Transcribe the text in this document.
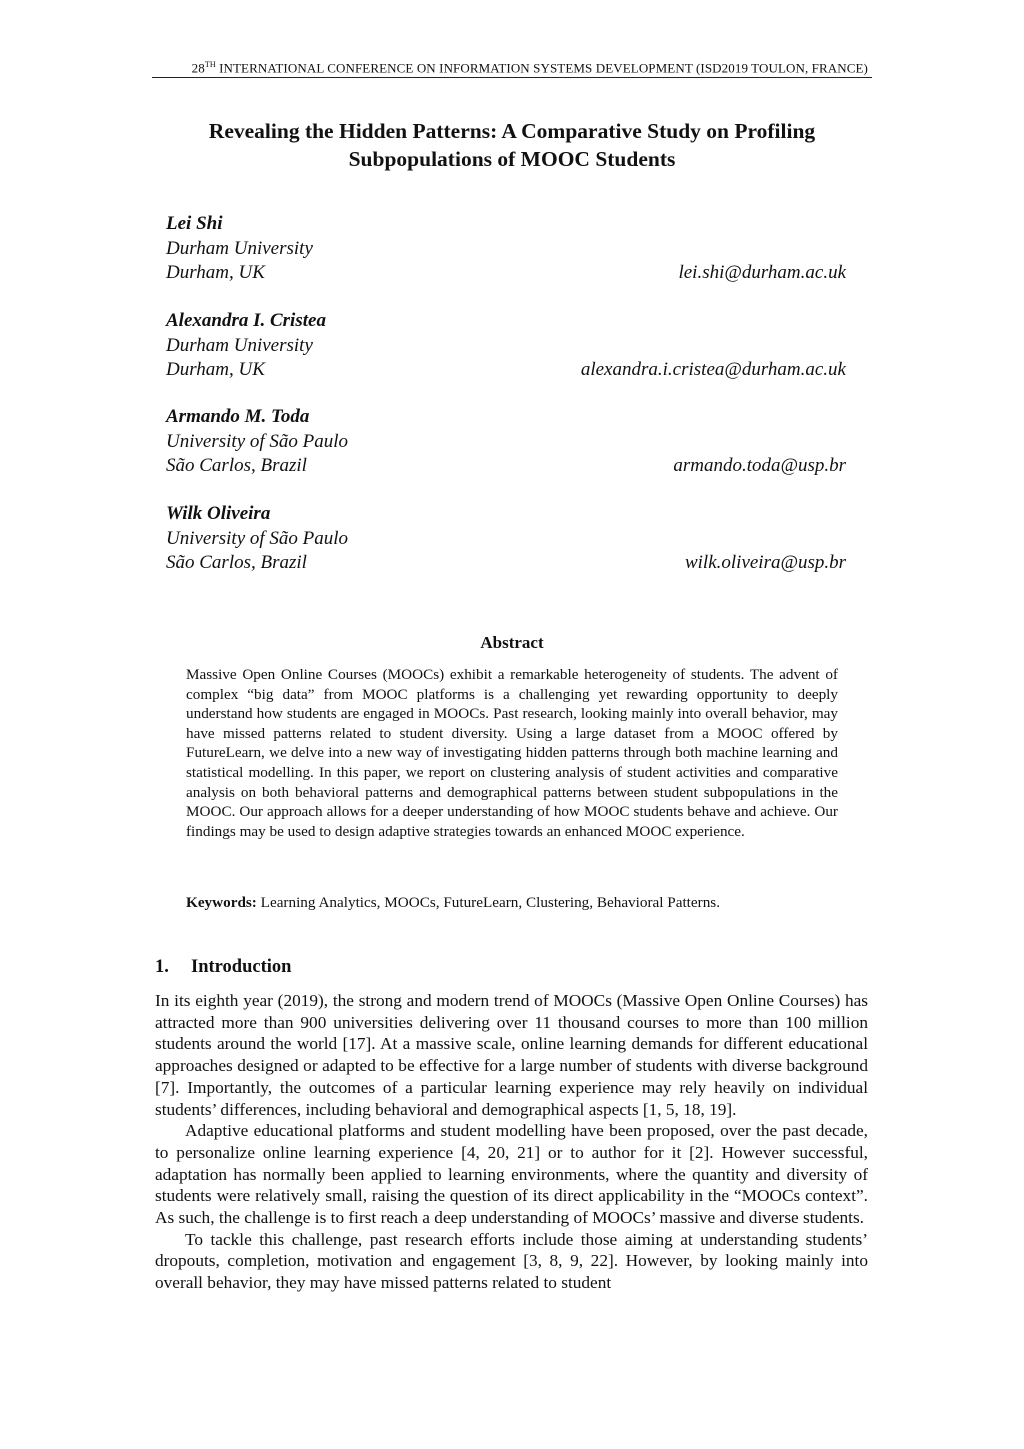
28TH INTERNATIONAL CONFERENCE ON INFORMATION SYSTEMS DEVELOPMENT (ISD2019 TOULON, FRANCE)
Revealing the Hidden Patterns: A Comparative Study on Profiling Subpopulations of MOOC Students
Lei Shi
Durham University
Durham, UK	lei.shi@durham.ac.uk
Alexandra I. Cristea
Durham University
Durham, UK	alexandra.i.cristea@durham.ac.uk
Armando M. Toda
University of São Paulo
São Carlos, Brazil	armando.toda@usp.br
Wilk Oliveira
University of São Paulo
São Carlos, Brazil	wilk.oliveira@usp.br
Abstract
Massive Open Online Courses (MOOCs) exhibit a remarkable heterogeneity of students. The advent of complex “big data” from MOOC platforms is a challenging yet rewarding opportunity to deeply understand how students are engaged in MOOCs. Past research, looking mainly into overall behavior, may have missed patterns related to student diversity. Using a large dataset from a MOOC offered by FutureLearn, we delve into a new way of investigating hidden patterns through both machine learning and statistical modelling. In this paper, we report on clustering analysis of student activities and comparative analysis on both behavioral patterns and demographical patterns between student subpopulations in the MOOC. Our approach allows for a deeper understanding of how MOOC students behave and achieve. Our findings may be used to design adaptive strategies towards an enhanced MOOC experience.
Keywords: Learning Analytics, MOOCs, FutureLearn, Clustering, Behavioral Patterns.
1. Introduction

In its eighth year (2019), the strong and modern trend of MOOCs (Massive Open Online Courses) has attracted more than 900 universities delivering over 11 thousand courses to more than 100 million students around the world [17]. At a massive scale, online learning demands for different educational approaches designed or adapted to be effective for a large number of students with diverse background [7]. Importantly, the outcomes of a particular learning experience may rely heavily on individual students’ differences, including behavioral and demographical aspects [1, 5, 18, 19].

Adaptive educational platforms and student modelling have been proposed, over the past decade, to personalize online learning experience [4, 20, 21] or to author for it [2]. However successful, adaptation has normally been applied to learning environments, where the quantity and diversity of students were relatively small, raising the question of its direct applicability in the “MOOCs context”. As such, the challenge is to first reach a deep understanding of MOOCs’ massive and diverse students.

To tackle this challenge, past research efforts include those aiming at understanding students’ dropouts, completion, motivation and engagement [3, 8, 9, 22]. However, by looking mainly into overall behavior, they may have missed patterns related to student
